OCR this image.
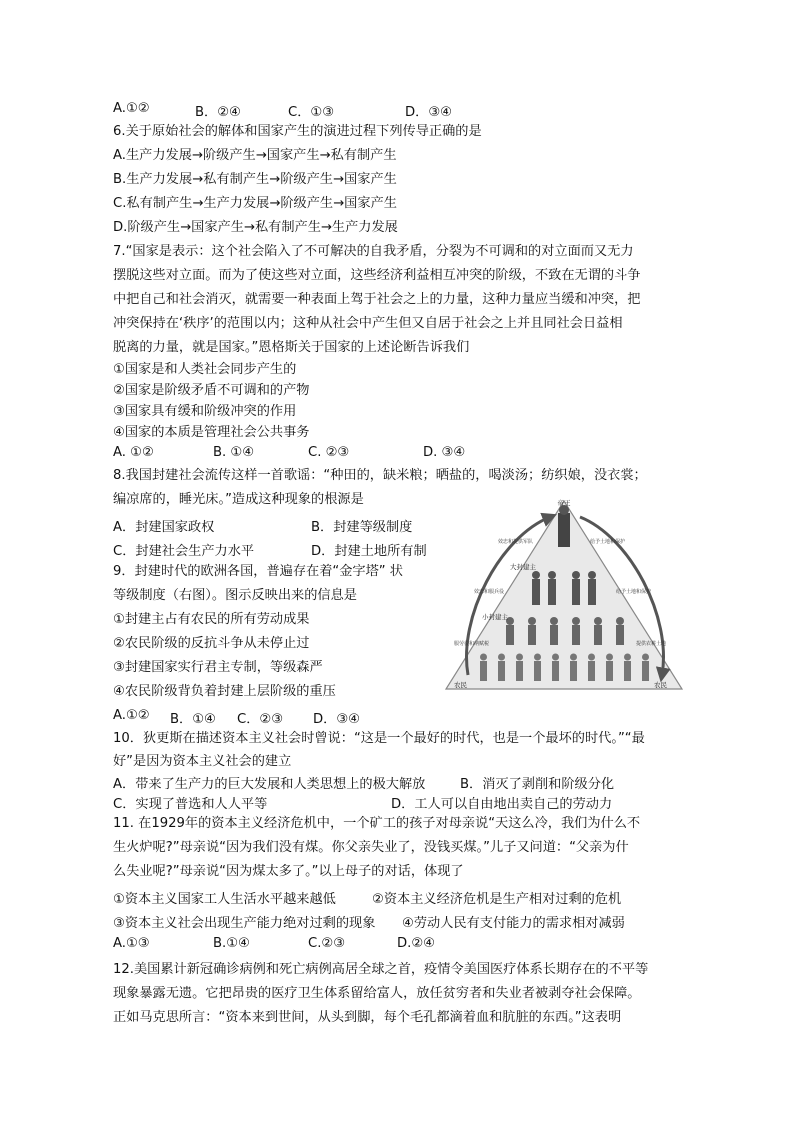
A.①②	B．②④	C．①③	D．③④
6.关于原始社会的解体和国家产生的演进过程下列传导正确的是
A.生产力发展→阶级产生→国家产生→私有制产生
B.生产力发展→私有制产生→阶级产生→国家产生
C.私有制产生→生产力发展→阶级产生→国家产生
D.阶级产生→国家产生→私有制产生→生产力发展
7.“国家是表示：这个社会陷入了不可解决的自我矛盾，分裂为不可调和的对立面而又无力
摆脱这些对立面。而为了使这些对立面，这些经济利益相互冲突的阶级，不致在无谓的斗争
中把自己和社会消灭，就需要一种表面上驾于社会之上的力量，这种力量应当缓和冲突，把
冲突保持在‘秩序’的范围以内；这种从社会中产生但又自居于社会之上并且同社会日益相
脱离的力量，就是国家。”恩格斯关于国家的上述论断告诉我们
①国家是和人类社会同步产生的
②国家是阶级矛盾不可调和的产物
③国家具有缓和阶级冲突的作用
④国家的本质是管理社会公共事务
A. ①②	B. ①④	C. ②③	D. ③④
8.我国封建社会流传这样一首歌谣：“种田的，缺米粮；晒盐的，喝淡汤；纺织娘，没衣裳；
编凉席的，睡光床。”造成这种现象的根源是
A．封建国家政权	B．封建等级制度
C．封建社会生产力水平	D．封建土地所有制
9．封建时代的欧洲各国，普遍存在着“金字塔” 状
等级制度（右图）。图示反映出来的信息是
①封建主占有农民的所有劳动成果
②农民阶级的反抗斗争从未停止过
③封建国家实行君主专制，等级森严
④农民阶级背负着封建上层阶级的重压
A.①② B．①④ C．②③ D．③④
帝王
大封建主
小封建主
农民	农民
效忠和提供军队
效忠和服兵役
服劳役和纳赋税
给予土地和保护
给予土地和保护
提供农耕土地
10．狄更斯在描述资本主义社会时曾说：“这是一个最好的时代，也是一个最坏的时代。”“最
好”是因为资本主义社会的建立
A．带来了生产力的巨大发展和人类思想上的极大解放	B．消灭了剥削和阶级分化
C．实现了普选和人人平等	D．工人可以自由地出卖自己的劳动力
11. 在1929年的资本主义经济危机中，一个矿工的孩子对母亲说“天这么冷，我们为什么不
生火炉呢?”母亲说“因为我们没有煤。你父亲失业了，没钱买煤。”儿子又问道：“父亲为什
么失业呢?”母亲说“因为煤太多了。”以上母子的对话，体现了
①资本主义国家工人生活水平越来越低	②资本主义经济危机是生产相对过剩的危机
③资本主义社会出现生产能力绝对过剩的现象 ④劳动人民有支付能力的需求相对减弱
A.①③	B.①④	C.②③	D.②④
12.美国累计新冠确诊病例和死亡病例高居全球之首，疫情令美国医疗体系长期存在的不平等
现象暴露无遗。它把昂贵的医疗卫生体系留给富人，放任贫穷者和失业者被剥夺社会保障。
正如马克思所言：“资本来到世间，从头到脚，每个毛孔都滴着血和肮脏的东西。”这表明
